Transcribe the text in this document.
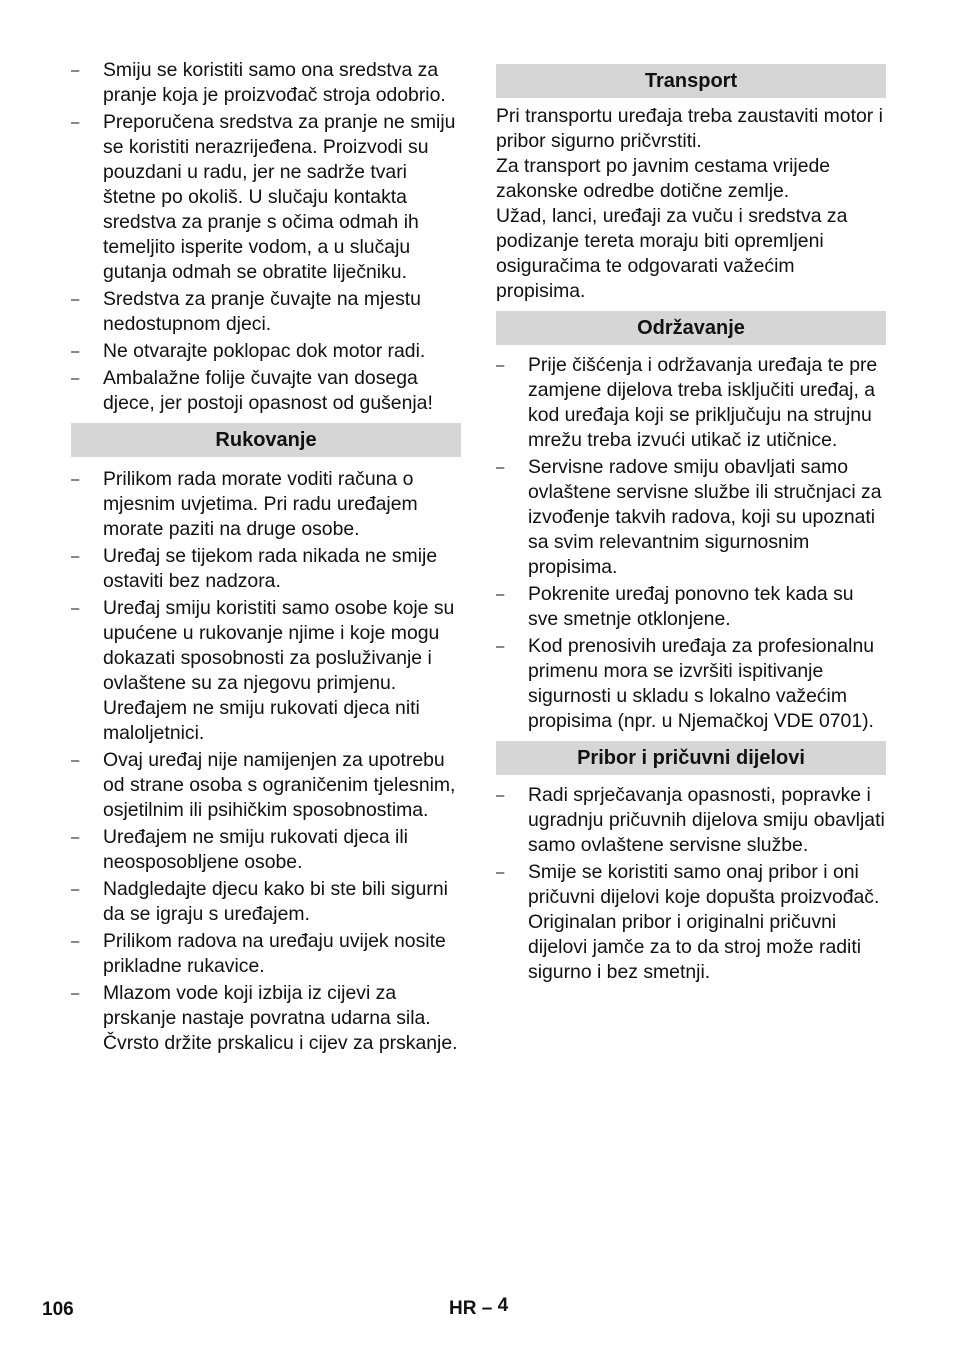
–	Smiju se koristiti samo ona sredstva za pranje koja je proizvođač stroja odobrio.
–	Preporučena sredstva za pranje ne smiju se koristiti nerazrijeđena. Proizvodi su pouzdani u radu, jer ne sadrže tvari štetne po okoliš. U slučaju kontakta sredstva za pranje s očima odmah ih temeljito isperite vodom, a u slučaju gutanja odmah se obratite liječniku.
–	Sredstva za pranje čuvajte na mjestu nedostupnom djeci.
–	Ne otvarajte poklopac dok motor radi.
–	Ambalažne folije čuvajte van dosega djece, jer postoji opasnost od gušenja!
Rukovanje
–	Prilikom rada morate voditi računa o mjesnim uvjetima. Pri radu uređajem morate paziti na druge osobe.
–	Uređaj se tijekom rada nikada ne smije ostaviti bez nadzora.
–	Uređaj smiju koristiti samo osobe koje su upućene u rukovanje njime i koje mogu dokazati sposobnosti za posluživanje i ovlaštene su za njegovu primjenu. Uređajem ne smiju rukovati djeca niti maloljetnici.
–	Ovaj uređaj nije namijenjen za upotrebu od strane osoba s ograničenim tjelesnim, osjetilnim ili psihičkim sposobnostima.
–	Uređajem ne smiju rukovati djeca ili neosposobljene osobe.
–	Nadgledajte djecu kako bi ste bili sigurni da se igraju s uređajem.
–	Prilikom radova na uređaju uvijek nosite prikladne rukavice.
–	Mlazom vode koji izbija iz cijevi za prskanje nastaje povratna udarna sila. Čvrsto držite prskalicu i cijev za prskanje.
Transport

Pri transportu uređaja treba zaustaviti motor i pribor sigurno pričvrstiti.

Za transport po javnim cestama vrijede zakonske odredbe dotične zemlje.

Užad, lanci, uređaji za vuču i sredstva za podizanje tereta moraju biti opremljeni osiguračima te odgovarati važećim propisima.

Održavanje
–	Prije čišćenja i održavanja uređaja te pre zamjene dijelova treba isključiti uređaj, a kod uređaja koji se priključuju na strujnu mrežu treba izvući utikač iz utičnice.
–	Servisne radove smiju obavljati samo ovlaštene servisne službe ili stručnjaci za izvođenje takvih radova, koji su upoznati sa svim relevantnim sigurnosnim propisima.
–	Pokrenite uređaj ponovno tek kada su sve smetnje otklonjene.
–	Kod prenosivih uređaja za profesionalnu primenu mora se izvršiti ispitivanje sigurnosti u skladu s lokalno važećim propisima (npr. u Njemačkoj VDE 0701).
Pribor i pričuvni dijelovi
–	Radi sprječavanja opasnosti, popravke i ugradnju pričuvnih dijelova smiju obavljati samo ovlaštene servisne službe.
–	Smije se koristiti samo onaj pribor i oni pričuvni dijelovi koje dopušta proizvođač. Originalan pribor i originalni pričuvni dijelovi jamče za to da stroj može raditi sigurno i bez smetnji.
106	HR – 4
